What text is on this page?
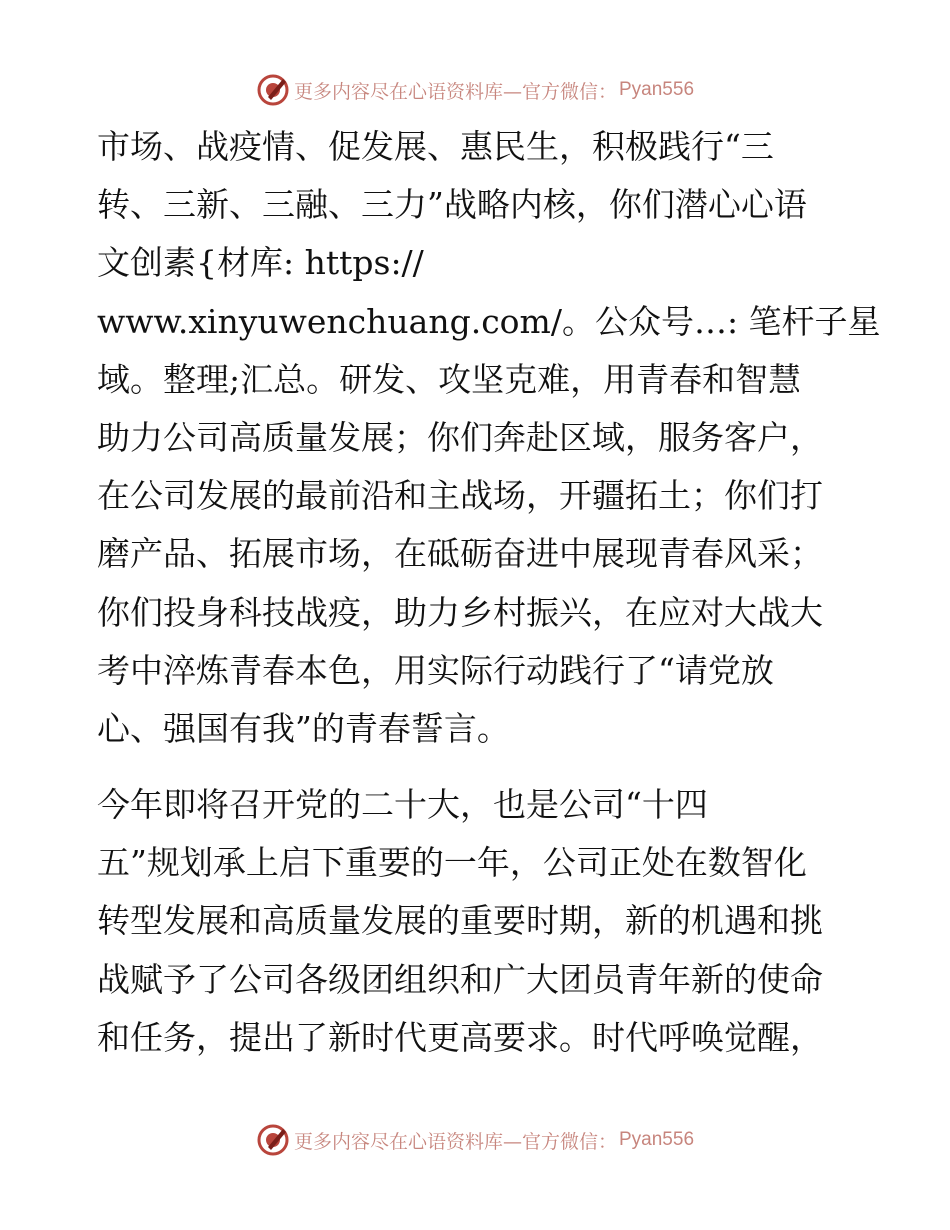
更多内容尽在心语资料库—官方微信： Pyan556
市场、战疫情、促发展、惠民生，积极践行“三
转、三新、三融、三力”战略内核，你们潜心心语
文创素{材库: https://
www.xinyuwenchuang.com/。公众号…: 笔杆子星
域。整理;汇总。研发、攻坚克难，用青春和智慧
助力公司高质量发展；你们奔赴区域，服务客户，
在公司发展的最前沿和主战场，开疆拓土；你们打
磨产品、拓展市场，在砥砺奋进中展现青春风采；
你们投身科技战疫，助力乡村振兴，在应对大战大
考中淬炼青春本色，用实际行动践行了“请党放
心、强国有我”的青春誓言。
今年即将召开党的二十大，也是公司“十四
五”规划承上启下重要的一年，公司正处在数智化
转型发展和高质量发展的重要时期，新的机遇和挑
战赋予了公司各级团组织和广大团员青年新的使命
和任务，提出了新时代更高要求。时代呼唤觉醒，
更多内容尽在心语资料库—官方微信： Pyan556
